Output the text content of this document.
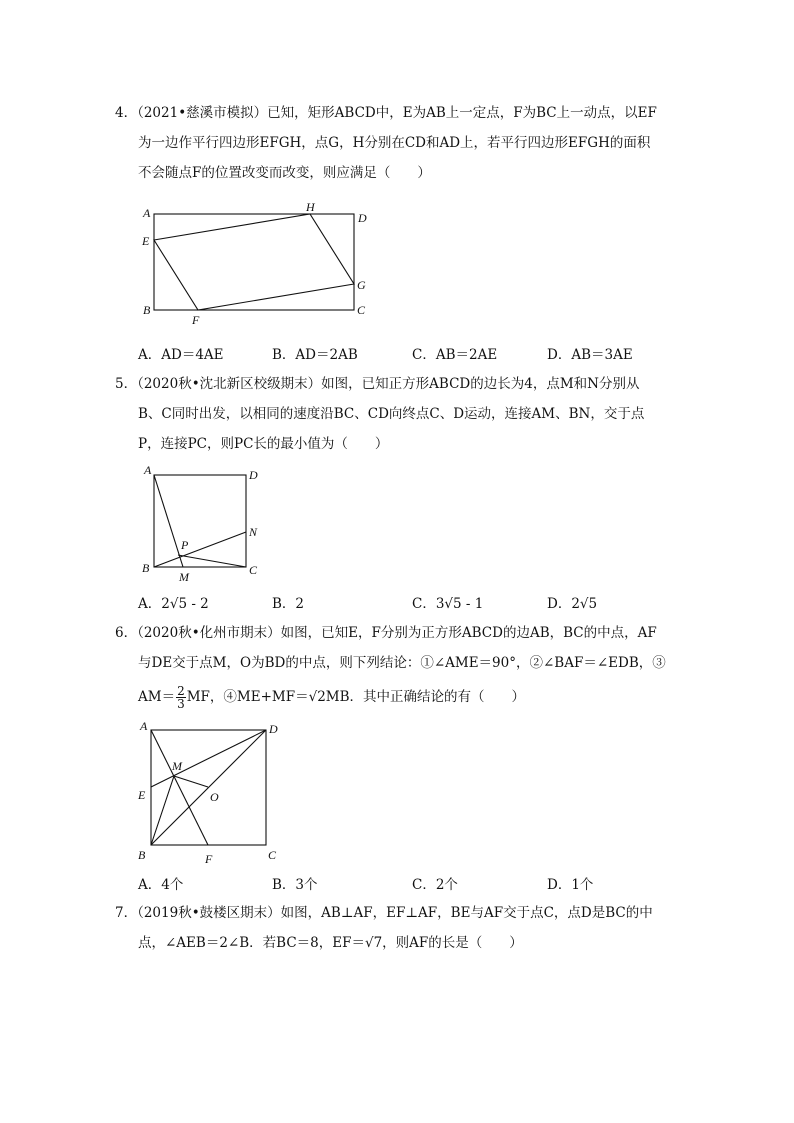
4．（2021•慈溪市模拟）已知，矩形ABCD中，E为AB上一定点，F为BC上一动点，以EF
为一边作平行四边形EFGH，点G，H分别在CD和AD上，若平行四边形EFGH的面积
不会随点F的位置改变而改变，则应满足（　　）
A	H
D
E
G
B
F
C
A	D
N
P
B
M	C
A	D
M
E	O
B	F	C
A．AD＝4AE	B．AD＝2AB	C．AB＝2AE	D．AB＝3AE
5．（2020秋•沈北新区校级期末）如图，已知正方形ABCD的边长为4，点M和N分别从
B、C同时出发，以相同的速度沿BC、CD向终点C、D运动，连接AM、BN，交于点
P，连接PC，则PC长的最小值为（　　）
A．2√5 - 2	B．2	C．3√5 - 1	D．2√5
6．（2020秋•化州市期末）如图，已知E，F分别为正方形ABCD的边AB，BC的中点，AF
与DE交于点M，O为BD的中点，则下列结论：①∠AME＝90°，②∠BAF＝∠EDB，③
$AM= \frac{2}{3}$ MF，④ME+MF＝√2MB．其中正确结论的有（　　）
A．4个	B．3个	C．2个	D．1个
7．（2019秋•鼓楼区期末）如图，AB⊥AF，EF⊥AF，BE与AF交于点C，点D是BC的中
点，∠AEB＝2∠B．若BC＝8，EF＝√7，则AF的长是（　　）
